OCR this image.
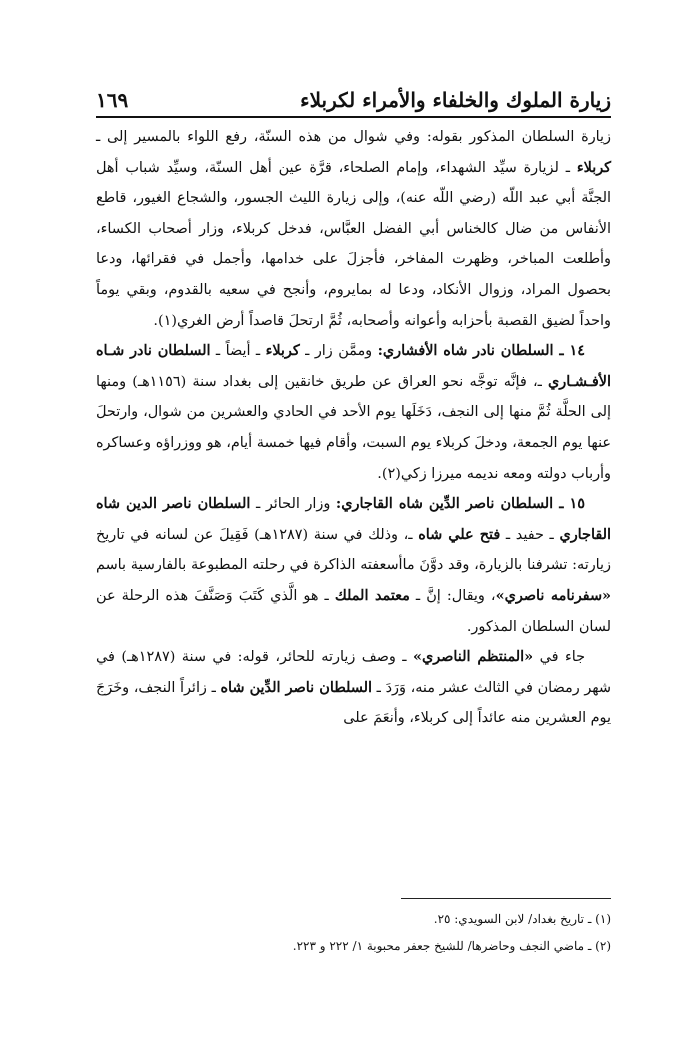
زيارة الملوك والخلفاء والأمراء لكربلاء
١٦٩

زيارة السلطان المذكور بقوله: وفي شوال من هذه السنّة، رفع اللواء بالمسير إلى ـ كربلاء ـ لزيارة سيِّد الشهداء، وإمام الصلحاء، قرَّة عين أهل السنّة، وسيِّد شباب أهل الجنَّة أبي عبد اللّه (رضي اللّه عنه)، وإلى زيارة الليث الجسور، والشجاع الغيور، قاطع الأنفاس من ضال كالخناس أبي الفضل العبَّاس، فدخل كربلاء، وزار أصحاب الكساء، وأطلعت المباخر، وظهرت المفاخر، فأجزلَ على خدامها، وأجمل في فقرائها، ودعا بحصول المراد، وزوال الأنكاد، ودعا له بمايروم، وأنجح في سعيه بالقدوم، وبقي يوماً واحداً لضيق القصبة بأحزابه وأعوانه وأصحابه، ثُمَّ ارتحلَ قاصداً أرض الغري(١).

١٤ ـ السلطان نادر شاه الأفشاري: وممَّن زار ـ كربلاء ـ أيضاً ـ السلطان نادر شـاه الأفـشـاري ـ، فإنَّه توجَّه نحو العراق عن طريق خانقين إلى بغداد سنة (١١٥٦هـ) ومنها إلى الحلَّة ثُمَّ منها إلى النجف، دَخَلَها يوم الأحد في الحادي والعشرين من شوال، وارتحلَ عنها يوم الجمعة، ودخلَ كربلاء يوم السبت، وأقام فيها خمسة أيام، هو ووزراؤه وعساكره وأرباب دولته ومعه نديمه ميرزا زكي(٢).

١٥ ـ السلطان ناصر الدِّين شاه القاجاري: وزار الحائر ـ السلطان ناصر الدين شاه القاجاري ـ حفيد ـ فتح علي شاه ـ، وذلك في سنة (١٢٨٧هـ) فَقِيلَ عن لسانه في تاريخ زيارته: تشرفنا بالزيارة، وقد دوَّنَ ماأسعفته الذاكرة في رحلته المطبوعة بالفارسية باسم «سفرنامه ناصري»، ويقال: إنَّ ـ معتمد الملك ـ هو الَّذي كَتَبَ وَصَنَّفَ هذه الرحلة عن لسان السلطان المذكور.

جاء في «المنتظم الناصري» ـ وصف زيارته للحائر، قوله: في سنة (١٢٨٧هـ) في شهر رمضان في الثالث عشر منه، وَرَدَ ـ السلطان ناصر الدِّين شاه ـ زائراً النجف، وخَرَجَ يوم العشرين منه عائداً إلى كربلاء، وأنعَمَ على

(١) ـ تاريخ بغداد/ لابن السويدي: ٢٥.
(٢) ـ ماضي النجف وحاضرها/ للشيخ جعفر محبوبة ١/ ٢٢٢ و ٢٢٣.
